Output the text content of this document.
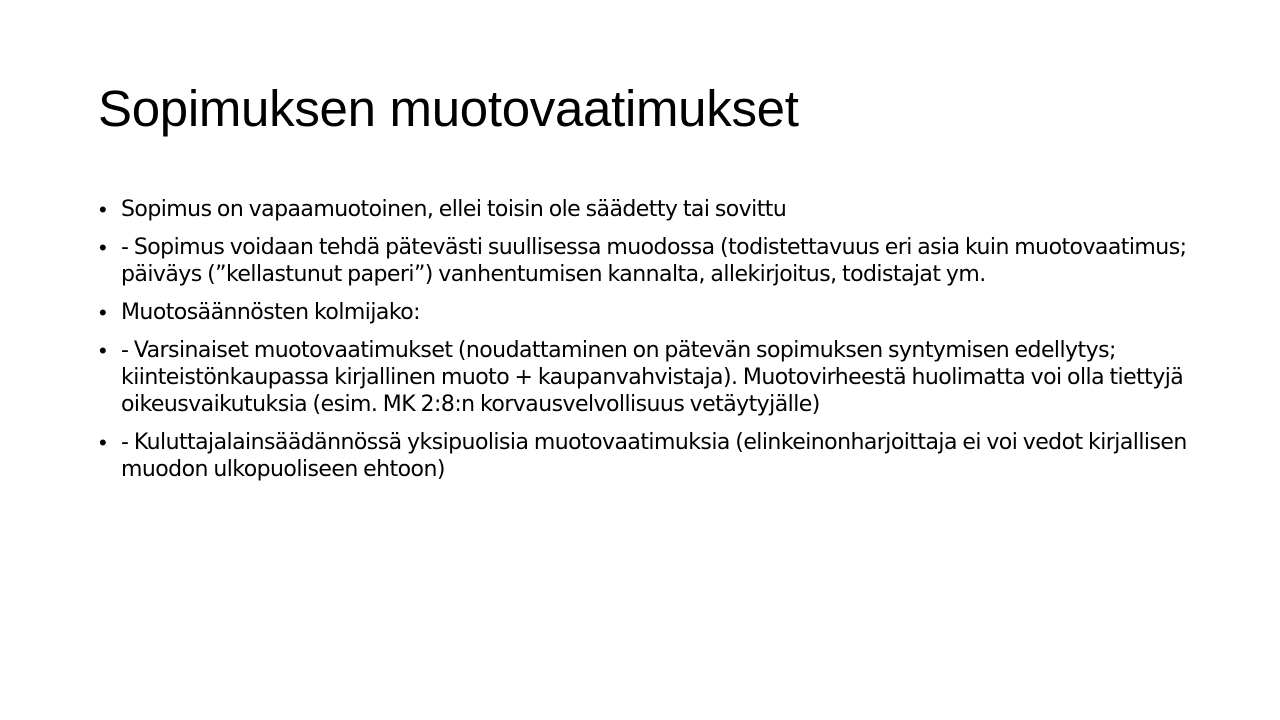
Sopimuksen muotovaatimukset
• Sopimus on vapaamuotoinen, ellei toisin ole säädetty tai sovittu
• - Sopimus voidaan tehdä pätevästi suullisessa muodossa (todistettavuus eri asia kuin muotovaatimus; päiväys (”kellastunut paperi”) vanhentumisen kannalta, allekirjoitus, todistajat ym.
• Muotosäännösten kolmijako:
• - Varsinaiset muotovaatimukset (noudattaminen on pätevän sopimuksen syntymisen edellytys; kiinteistönkaupassa kirjallinen muoto + kaupanvahvistaja). Muotovirheestä huolimatta voi olla tiettyjä oikeusvaikutuksia (esim. MK 2:8:n korvausvelvollisuus vetäytyjälle)
• - Kuluttajalainsäädännössä yksipuolisia muotovaatimuksia (elinkeinonharjoittaja ei voi vedot kirjallisen muodon ulkopuoliseen ehtoon)
